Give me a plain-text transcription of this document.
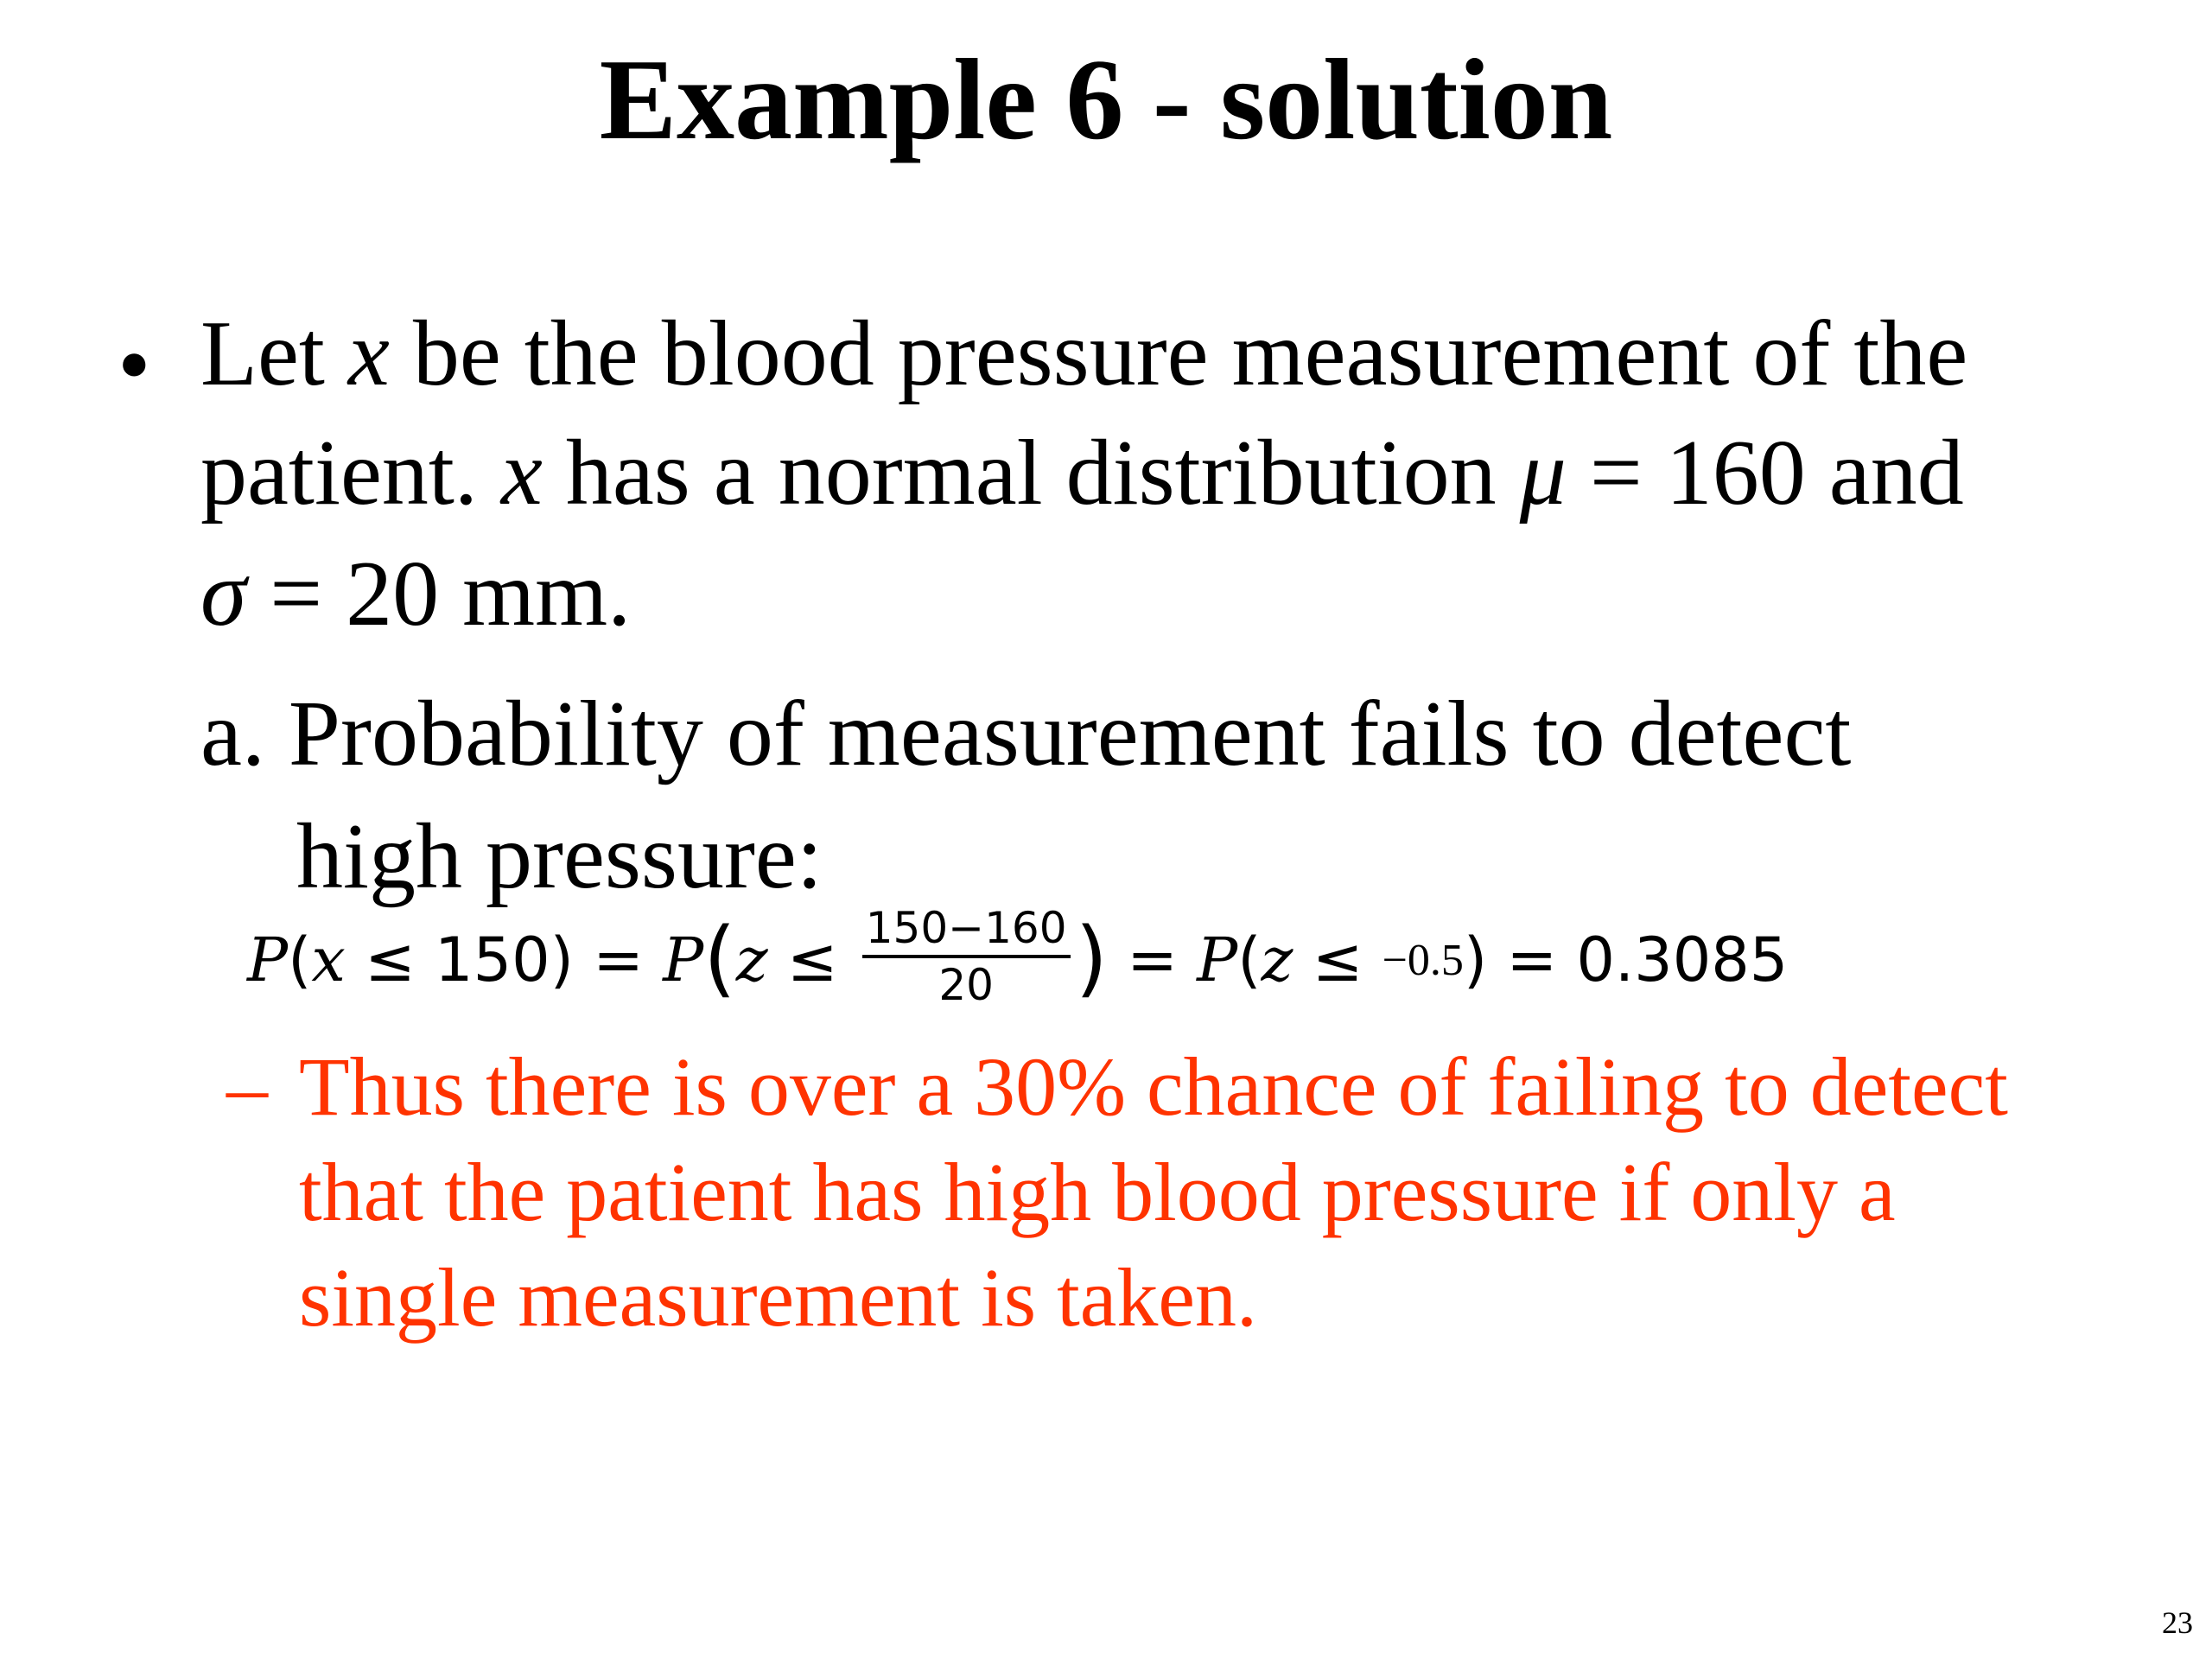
Example 6 - solution
• Let x be the blood pressure measurement of the
patient. x has a normal distribution μ = 160 and
σ = 20 mm.
a. Probability of measurement fails to detect
high pressure:
P ( x ≤ 150) = P ( $z \le \frac{150-160}{20}$ ) = P ( z ≤ −0.5 ) = 0.3085
– Thus there is over a 30% chance of failing to detect
that the patient has high blood pressure if only a
single measurement is taken.
23
